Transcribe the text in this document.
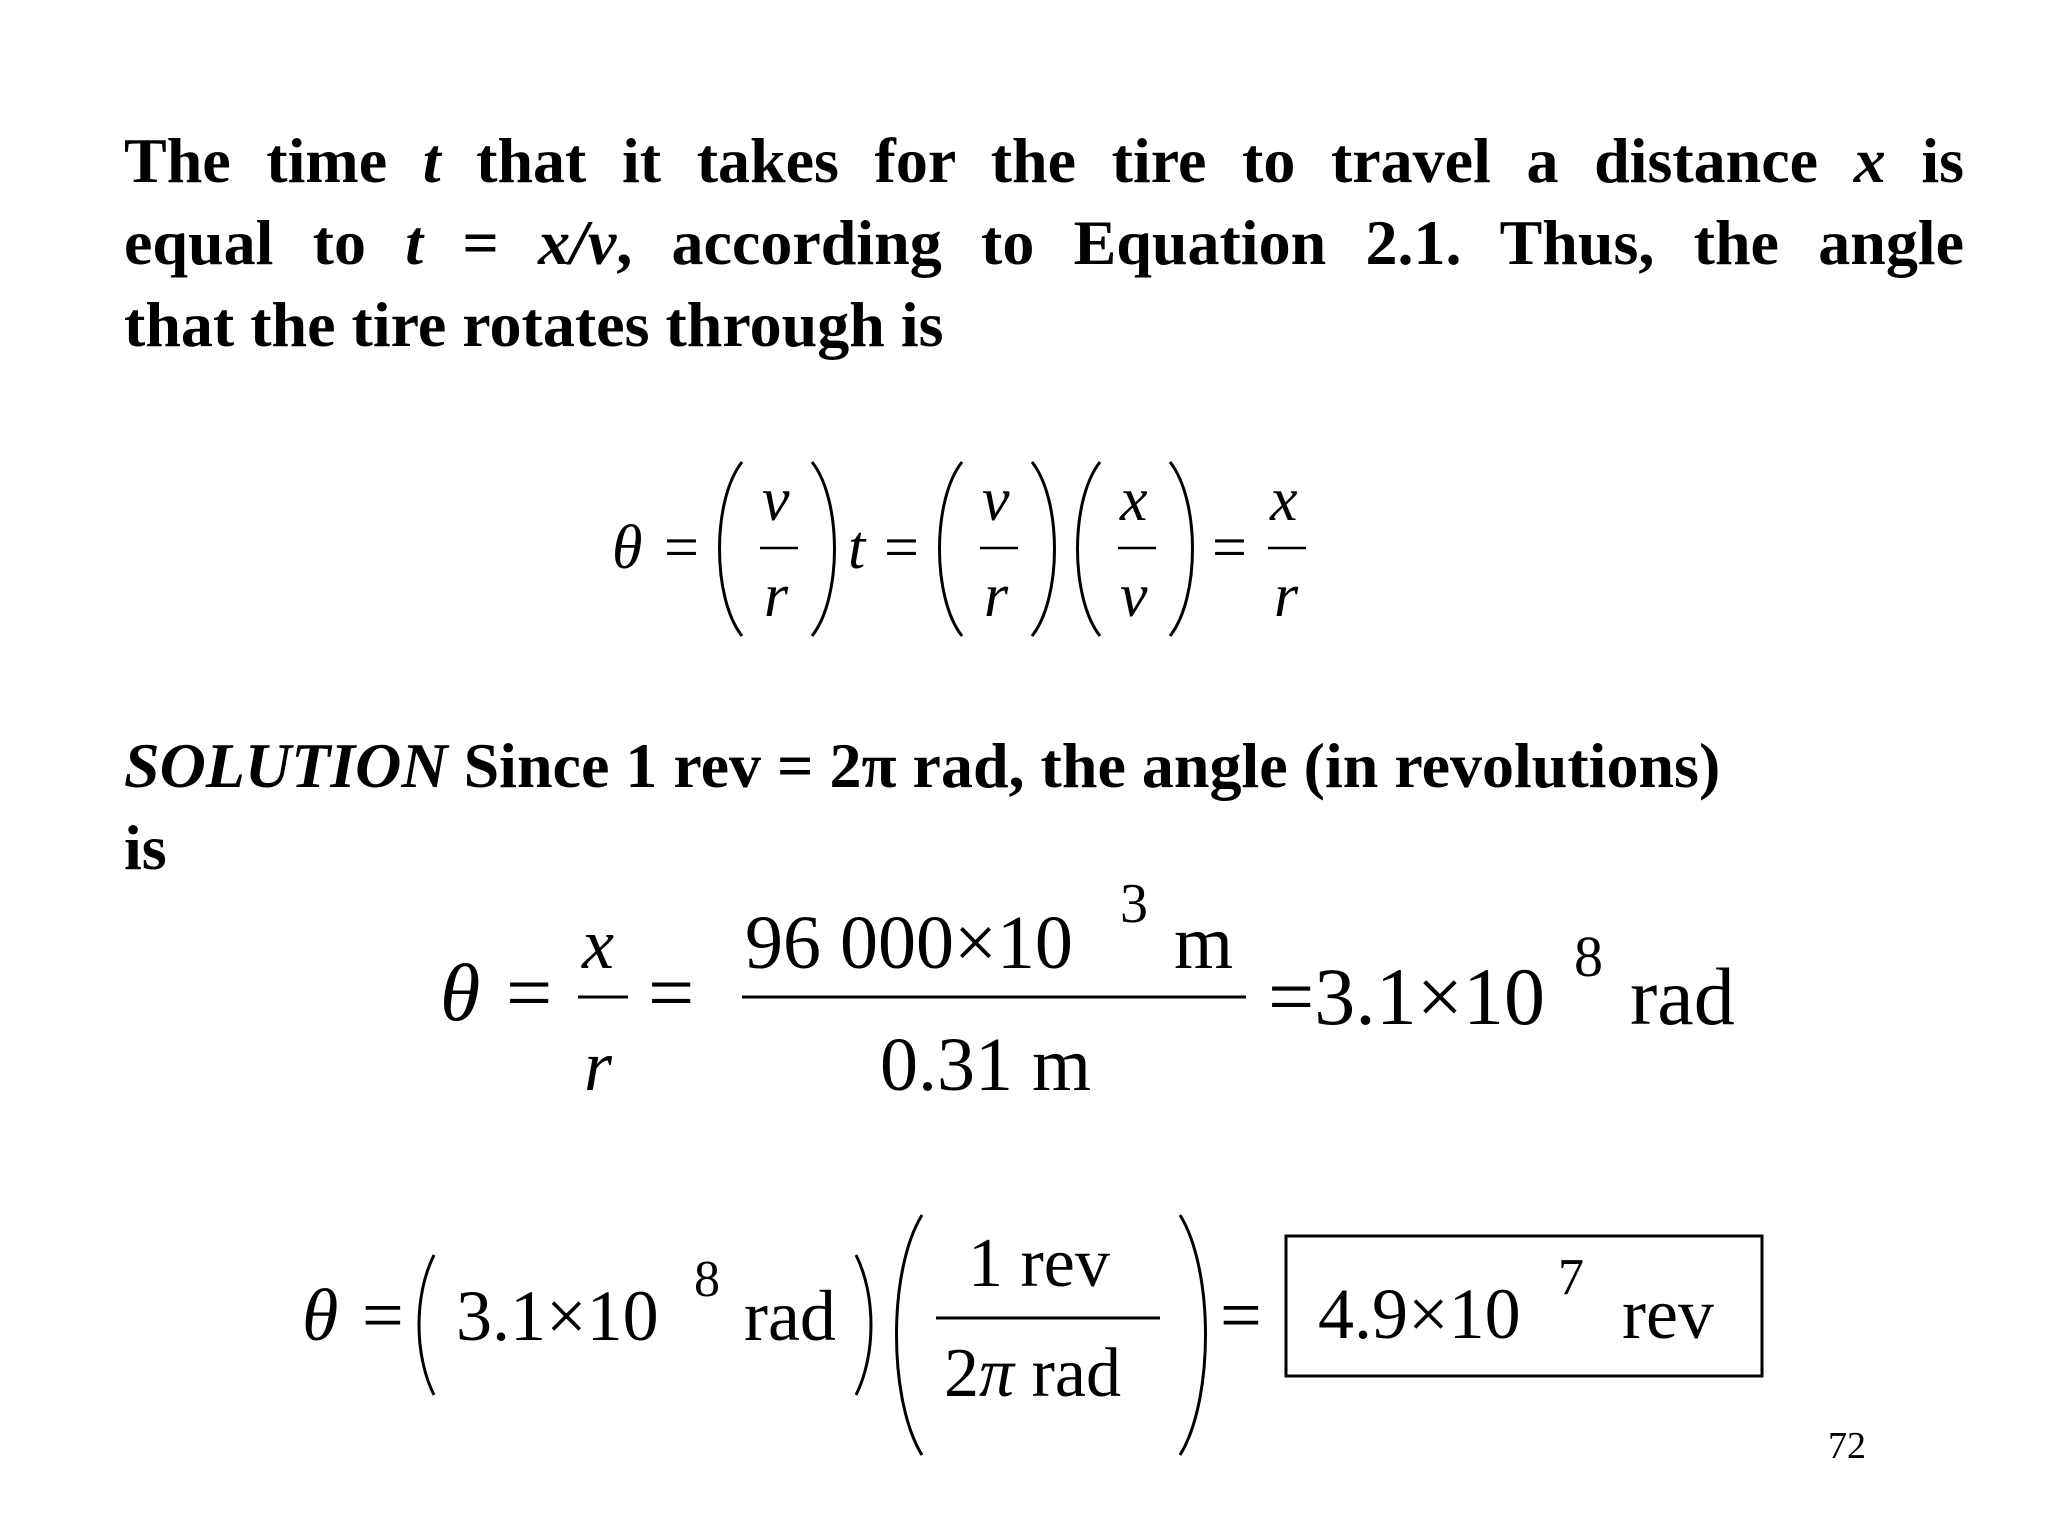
The time t that it takes for the tire to travel a distance x is
equal to t = x/v, according to Equation 2.1. Thus, the angle
that the tire rotates through is
θ =
v
r
t =
v
r
x
v
=
x
r
θ =
x
r
=
96 000×10 3 m
0.31 m
=3.1×10 8 rad
θ = 3.1×10 8 rad
1 rev
2π rad
= 4.9×10 7 rev
SOLUTION Since 1 rev = 2π rad, the angle (in revolutions)
is
72
